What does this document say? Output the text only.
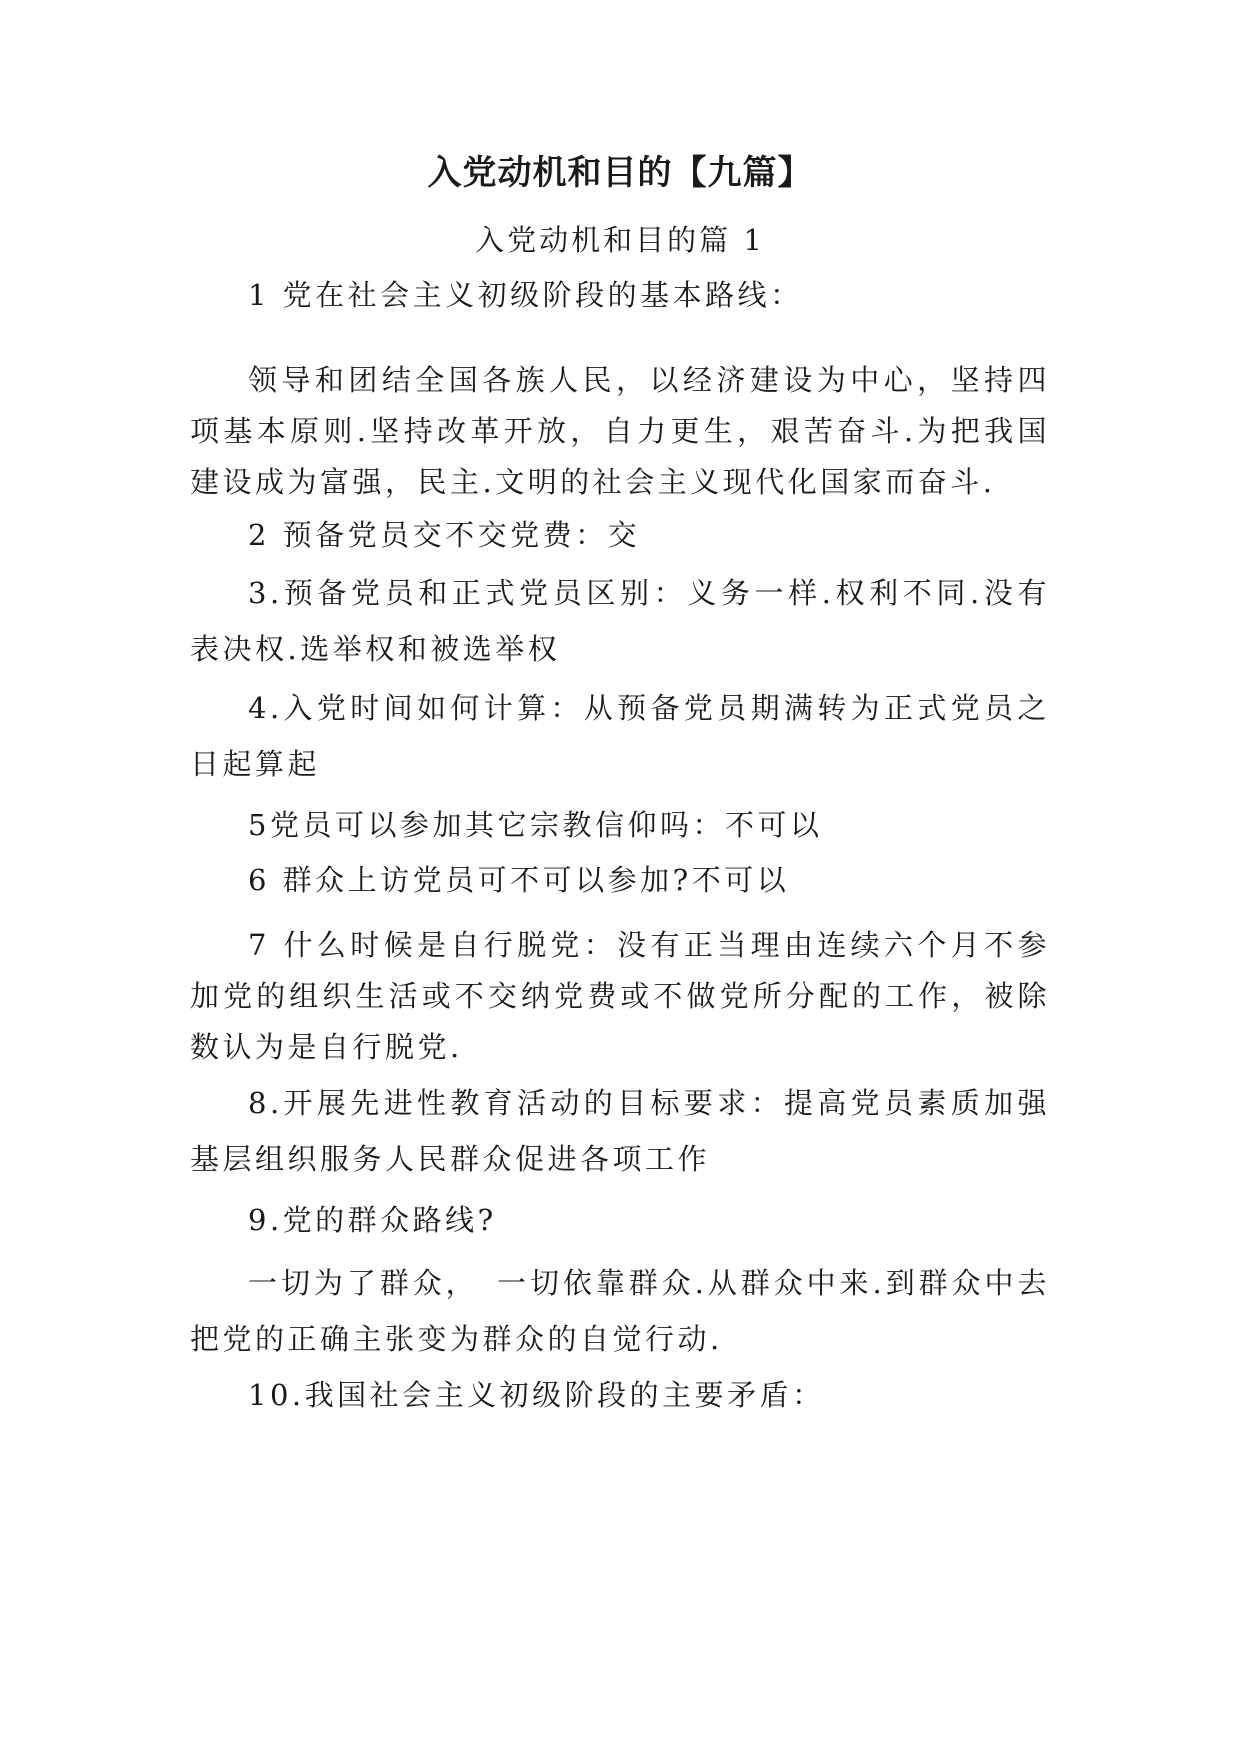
入党动机和目的【九篇】
入党动机和目的篇 1

1 党在社会主义初级阶段的基本路线：

领导和团结全国各族人民，以经济建设为中心，坚持四项基本原则.坚持改革开放，自力更生，艰苦奋斗.为把我国建设成为富强，民主.文明的社会主义现代化国家而奋斗.

2 预备党员交不交党费：交

3.预备党员和正式党员区别：义务一样.权利不同.没有表决权.选举权和被选举权

4.入党时间如何计算：从预备党员期满转为正式党员之日起算起

5党员可以参加其它宗教信仰吗：不可以

6 群众上访党员可不可以参加?不可以

7 什么时候是自行脱党：没有正当理由连续六个月不参加党的组织生活或不交纳党费或不做党所分配的工作，被除数认为是自行脱党.

8.开展先进性教育活动的目标要求：提高党员素质加强基层组织服务人民群众促进各项工作

9.党的群众路线?

一切为了群众，　一切依靠群众.从群众中来.到群众中去把党的正确主张变为群众的自觉行动.

10.我国社会主义初级阶段的主要矛盾：
